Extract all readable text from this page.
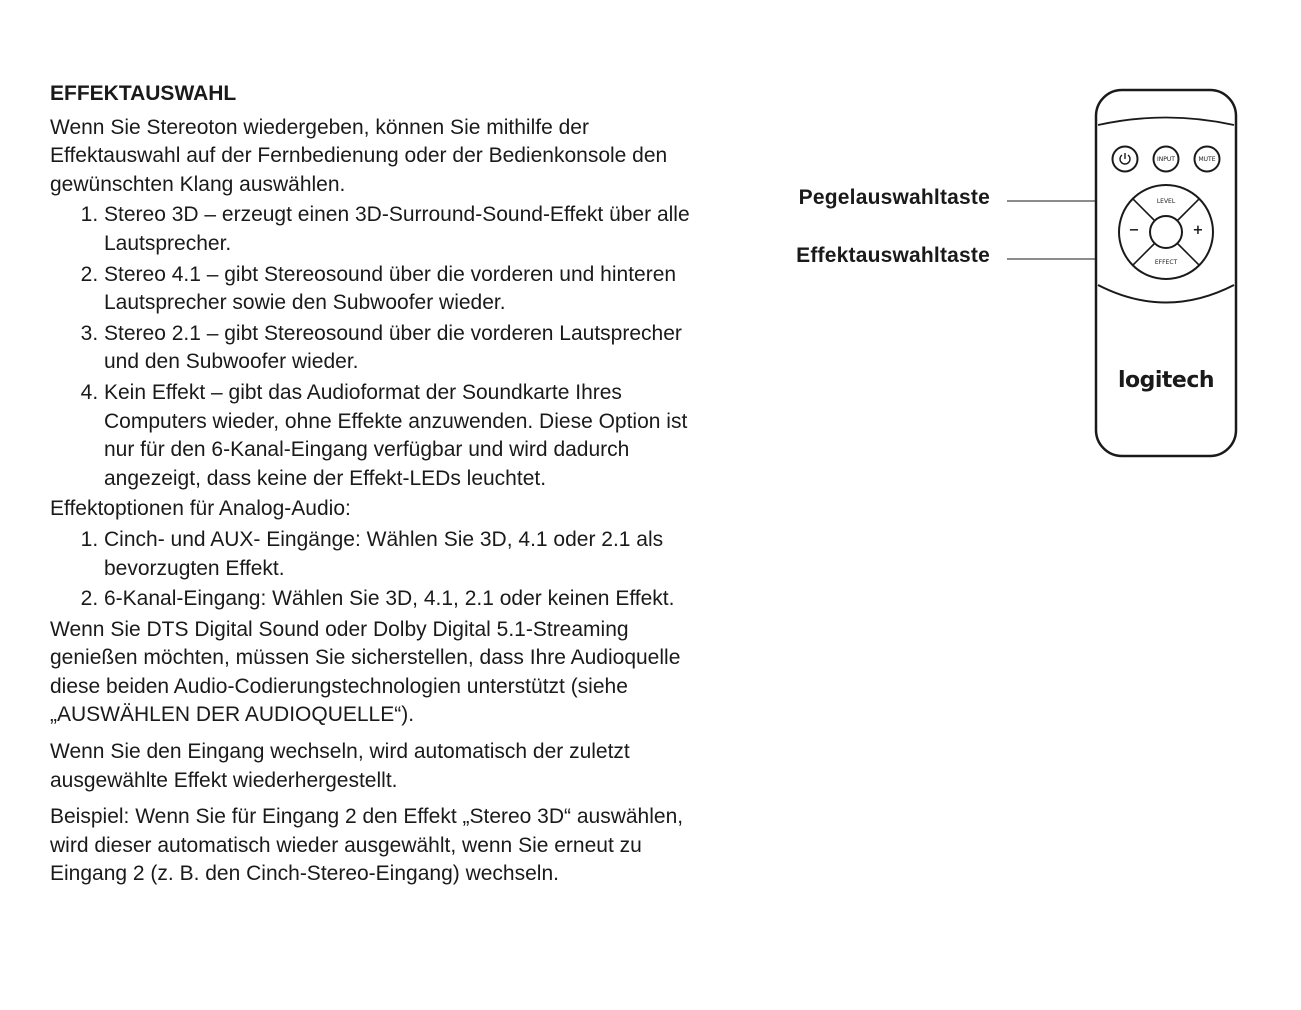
EFFEKTAUSWAHL

Wenn Sie Stereoton wiedergeben, können Sie mithilfe der Effektauswahl auf der Fernbedienung oder der Bedienkonsole den gewünschten Klang auswählen.

1. Stereo 3D – erzeugt einen 3D-Surround-Sound-Effekt über alle Lautsprecher.
2. Stereo 4.1 – gibt Stereosound über die vorderen und hinteren Lautsprecher sowie den Subwoofer wieder.
3. Stereo 2.1 – gibt Stereosound über die vorderen Lautsprecher und den Subwoofer wieder.
4. Kein Effekt – gibt das Audioformat der Soundkarte Ihres Computers wieder, ohne Effekte anzuwenden. Diese Option ist nur für den 6-Kanal-Eingang verfügbar und wird dadurch angezeigt, dass keine der Effekt-LEDs leuchtet.

Effektoptionen für Analog-Audio:

1. Cinch- und AUX- Eingänge: Wählen Sie 3D, 4.1 oder 2.1 als bevorzugten Effekt.
2. 6-Kanal-Eingang: Wählen Sie 3D, 4.1, 2.1 oder keinen Effekt.

Wenn Sie DTS Digital Sound oder Dolby Digital 5.1-Streaming genießen möchten, müssen Sie sicherstellen, dass Ihre Audioquelle diese beiden Audio-Codierungstechnologien unterstützt (siehe „AUSWÄHLEN DER AUDIOQUELLE“).

Wenn Sie den Eingang wechseln, wird automatisch der zuletzt ausgewählte Effekt wiederhergestellt.

Beispiel: Wenn Sie für Eingang 2 den Effekt „Stereo 3D“ auswählen, wird dieser automatisch wieder ausgewählt, wenn Sie erneut zu Eingang 2 (z. B. den Cinch-Stereo-Eingang) wechseln.

Pegelauswahltaste
Effektauswahltaste
INPUT	MUTE
LEVEL
EFFECT
−	+
logitech
